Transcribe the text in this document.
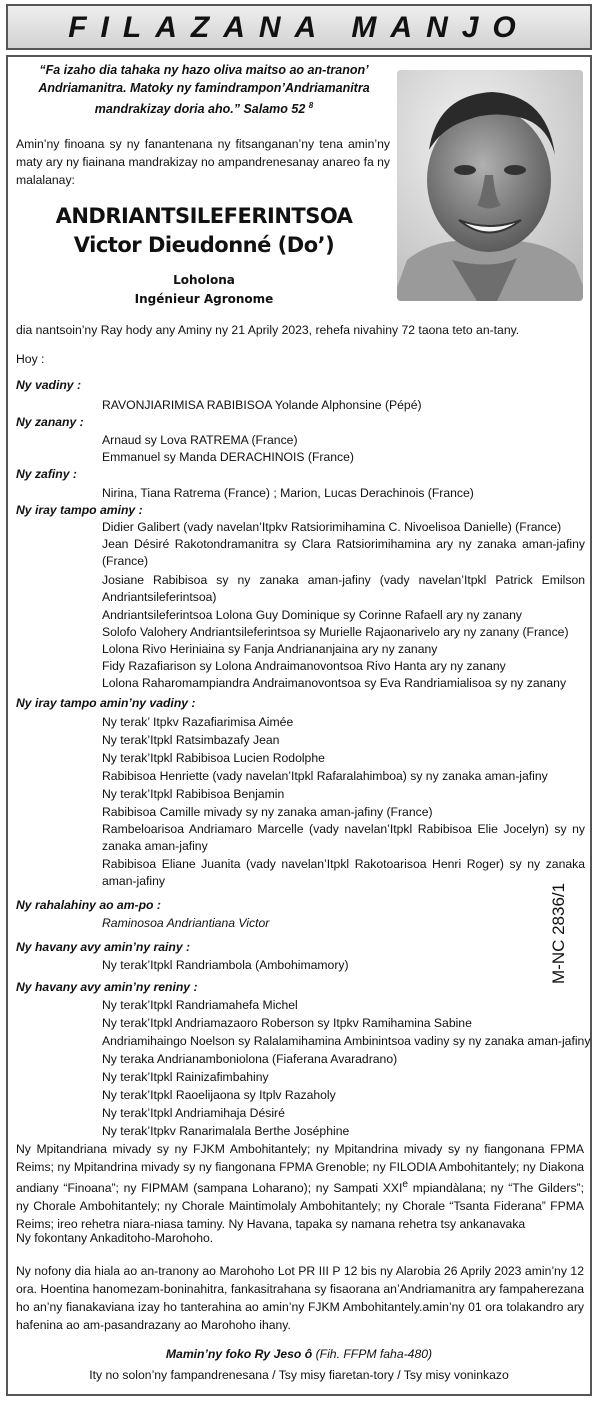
FILAZANA MANJO
“Fa izaho dia tahaka ny hazo oliva maitso ao an-tranon’ Andriamanitra. Matoky ny famindrampon’Andriamanitra mandrakizay doria aho.” Salamo 52 $^8$
Amin’ny finoana sy ny fanantenana ny fitsanganan’ny tena amin’ny maty ary ny fiainana mandrakizay no ampandrenesanay anareo fa ny malalanay:
ANDRIANTSILEFERINTSOA
Victor Dieudonné (Do’)
Loholona
Ingénieur Agronome
dia nantsoin’ny Ray hody any Aminy ny 21 Aprily 2023, rehefa nivahiny 72 taona teto an-tany.
Hoy :
Ny vadiny :
RAVONJIARIMISA RABIBISOA Yolande Alphonsine (Pépé)
Ny zanany :
Arnaud sy Lova RATREMA (France)
Emmanuel sy Manda DERACHINOIS (France)
Ny zafiny :
Nirina, Tiana Ratrema (France) ; Marion, Lucas Derachinois (France)
Ny iray tampo aminy :
Didier Galibert (vady navelan’Itpkv Ratsiorimihamina C. Nivoelisoa Danielle) (France)
Jean Désiré Rakotondramanitra sy Clara Ratsiorimihamina ary ny zanaka aman-jafiny (France)
Josiane Rabibisoa sy ny zanaka aman-jafiny (vady navelan’Itpkl Patrick Emilson Andriantsileferintsoa)
Andriantsileferintsoa Lolona Guy Dominique sy Corinne Rafaell ary ny zanany
Solofo Valohery Andriantsileferintsoa sy Murielle Rajaonarivelo ary ny zanany (France)
Lolona Rivo Heriniaina sy Fanja Andriananjaina ary ny zanany
Fidy Razafiarison sy Lolona Andraimanovontsoa Rivo Hanta ary ny zanany
Lolona Raharomampiandra Andraimanovontsoa sy Eva Randriamialisoa sy ny zanany
Ny iray tampo amin’ny vadiny :
Ny terak’ Itpkv Razafiarimisa Aimée
Ny terak’Itpkl Ratsimbazafy Jean
Ny terak’Itpkl Rabibisoa Lucien Rodolphe
Rabibisoa Henriette (vady navelan’Itpkl Rafaralahimboa) sy ny zanaka aman-jafiny
Ny terak’Itpkl Rabibisoa Benjamin
Rabibisoa Camille mivady sy ny zanaka aman-jafiny (France)
Rambeloarisoa Andriamaro Marcelle (vady navelan’Itpkl Rabibisoa Elie Jocelyn) sy ny zanaka aman-jafiny
Rabibisoa Eliane Juanita (vady navelan’Itpkl Rakotoarisoa Henri Roger) sy ny zanaka aman-jafiny
Ny rahalahiny ao am-po :
Raminosoa Andriantiana Victor
Ny havany avy amin’ny rainy :
Ny terak’Itpkl Randriambola (Ambohimamory)
Ny havany avy amin’ny reniny :
Ny terak’Itpkl Randriamahefa Michel
Ny terak’Itpkl Andriamazaoro Roberson sy Itpkv Ramihamina Sabine
Andriamihaingo Noelson sy Ralalamihamina Ambinintsoa vadiny sy ny zanaka aman-jafiny
Ny teraka Andrianamboniolona (Fiaferana Avaradrano)
Ny terak’Itpkl Rainizafimbahiny
Ny terak’Itpkl Raoelijaona sy Itplv Razaholy
Ny terak’Itpkl Andriamihaja Désiré
Ny terak’Itpkv Ranarimalala Berthe Joséphine
M-NC 2836/1
Ny Mpitandriana mivady sy ny FJKM Ambohitantely; ny Mpitandrina mivady sy ny fiangonana FPMA Reims; ny Mpitandrina mivady sy ny fiangonana FPMA Grenoble; ny FILODIA Ambohitantely; ny Diakona andiany “Finoana”; ny FIPMAM (sampana Loharano); ny Sampati XXIe mpiandàlana; ny “The Gilders”; ny Chorale Ambohitantely; ny Chorale Maintimolaly Ambohitantely; ny Chorale “Tsanta Fiderana” FPMA Reims; ireo rehetra niara-niasa taminy. Ny Havana, tapaka sy namana rehetra tsy ankanavaka
Ny fokontany Ankaditoho-Marohoho.
Ny nofony dia hiala ao an-tranony ao Marohoho Lot PR III P 12 bis ny Alarobia 26 Aprily 2023 amin’ny 12 ora. Hoentina hanomezam-boninahitra, fankasitrahana sy fisaorana an’Andriamanitra ary fampaherezana ho an’ny fianakaviana izay ho tanterahina ao amin’ny FJKM Ambohitantely.amin’ny 01 ora tolakandro ary hafenina ao am-pasandrazany ao Marohoho ihany.
Mamin’ny foko Ry Jeso ô (Fih. FFPM faha-480)
Ity no solon’ny fampandrenesana / Tsy misy fiaretan-tory / Tsy misy voninkazo
